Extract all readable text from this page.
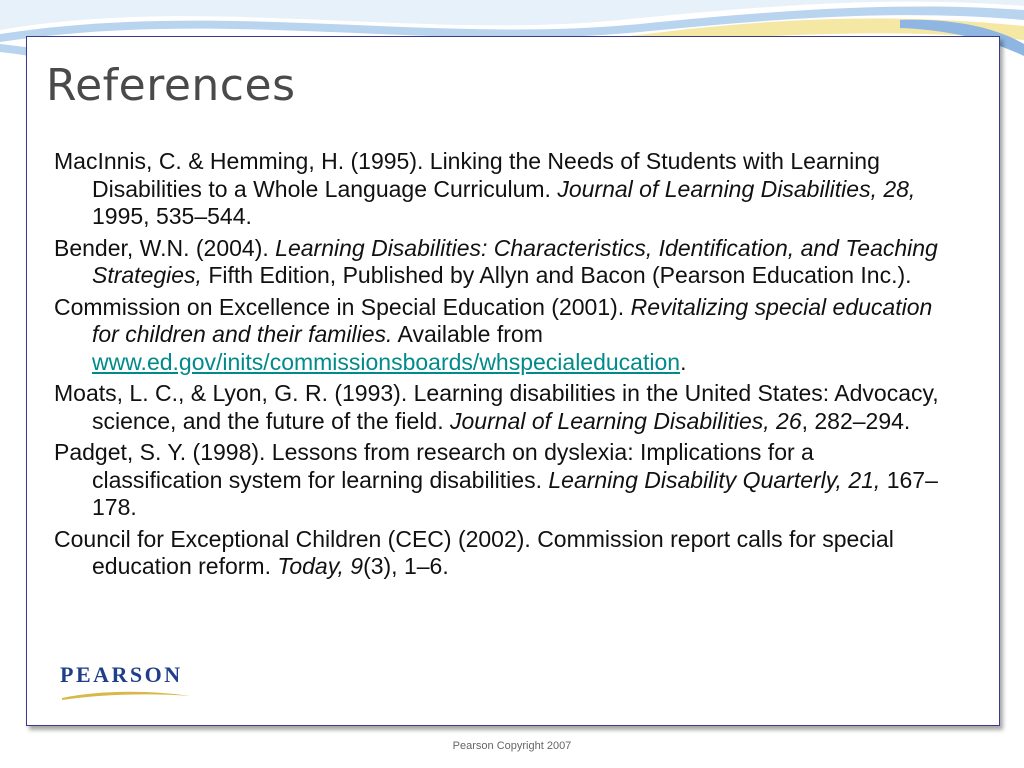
References
MacInnis, C. & Hemming, H. (1995). Linking the Needs of Students with Learning Disabilities to a Whole Language Curriculum. Journal of Learning Disabilities, 28, 1995, 535–544.
Bender, W.N. (2004). Learning Disabilities: Characteristics, Identification, and Teaching Strategies, Fifth Edition, Published by Allyn and Bacon (Pearson Education Inc.).
Commission on Excellence in Special Education (2001). Revitalizing special education for children and their families. Available from www.ed.gov/inits/commissionsboards/whspecialeducation.
Moats, L. C., & Lyon, G. R. (1993). Learning disabilities in the United States: Advocacy, science, and the future of the field. Journal of Learning Disabilities, 26, 282–294.
Padget, S. Y. (1998). Lessons from research on dyslexia: Implications for a classification system for learning disabilities. Learning Disability Quarterly, 21, 167–178.
Council for Exceptional Children (CEC) (2002). Commission report calls for special education reform. Today, 9(3), 1–6.
PEARSON
Pearson Copyright 2007
